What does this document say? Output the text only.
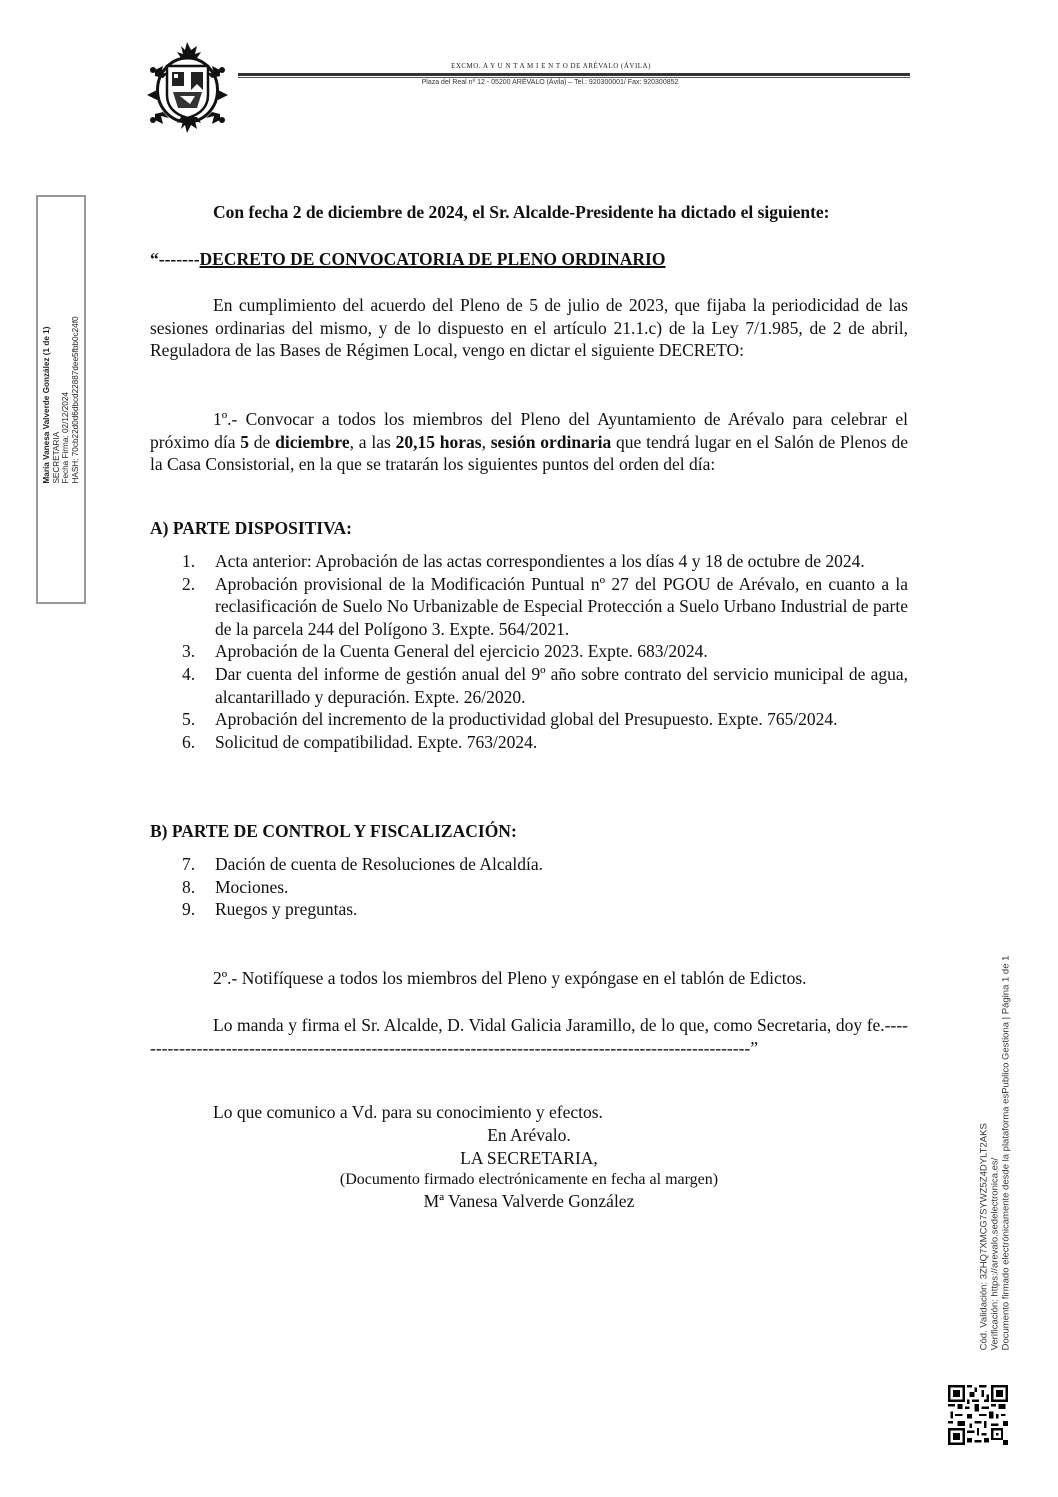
EXCMO. A Y U N T A M I E N T O DE ARÉVALO (ÁVILA)
Plaza del Real nº 12 - 05200 ARÉVALO (Ávila) – Tel.: 920300001/ Fax: 920300852
María Vanesa Valverde González (1 de 1) SECRETARIA Fecha Firma: 02/12/2024 HASH: 70cb22d0d6dbcd22887dee5fbb0c24f0
Cód. Validación: 3ZHQ7XMCG7SYWZ5Z4DYLT2AKS Verificación: https://arevalo.sedelectronica.es/ Documento firmado electrónicamente desde la plataforma esPublico Gestiona | Página 1 de 1
Con fecha 2 de diciembre de 2024, el Sr. Alcalde-Presidente ha dictado el siguiente:
“-------DECRETO DE CONVOCATORIA DE PLENO ORDINARIO
En cumplimiento del acuerdo del Pleno de 5 de julio de 2023, que fijaba la periodicidad de las sesiones ordinarias del mismo, y de lo dispuesto en el artículo 21.1.c) de la Ley 7/1.985, de 2 de abril, Reguladora de las Bases de Régimen Local, vengo en dictar el siguiente DECRETO:
1º.- Convocar a todos los miembros del Pleno del Ayuntamiento de Arévalo para celebrar el próximo día 5 de diciembre, a las 20,15 horas, sesión ordinaria que tendrá lugar en el Salón de Plenos de la Casa Consistorial, en la que se tratarán los siguientes puntos del orden del día:
A) PARTE DISPOSITIVA:
1. Acta anterior: Aprobación de las actas correspondientes a los días 4 y 18 de octubre de 2024.
2. Aprobación provisional de la Modificación Puntual nº 27 del PGOU de Arévalo, en cuanto a la reclasificación de Suelo No Urbanizable de Especial Protección a Suelo Urbano Industrial de parte de la parcela 244 del Polígono 3. Expte. 564/2021.
3. Aprobación de la Cuenta General del ejercicio 2023. Expte. 683/2024.
4. Dar cuenta del informe de gestión anual del 9º año sobre contrato del servicio municipal de agua, alcantarillado y depuración. Expte. 26/2020.
5. Aprobación del incremento de la productividad global del Presupuesto. Expte. 765/2024.
6. Solicitud de compatibilidad. Expte. 763/2024.
B) PARTE DE CONTROL Y FISCALIZACIÓN:
7. Dación de cuenta de Resoluciones de Alcaldía.
8. Mociones.
9. Ruegos y preguntas.
2º.- Notifíquese a todos los miembros del Pleno y expóngase en el tablón de Edictos.
Lo manda y firma el Sr. Alcalde, D. Vidal Galicia Jaramillo, de lo que, como Secretaria, doy fe.-----------------------------------------------------------------------------------------------------------”
Lo que comunico a Vd. para su conocimiento y efectos.
En Arévalo.
LA SECRETARIA,
(Documento firmado electrónicamente en fecha al margen)
Mª Vanesa Valverde González
